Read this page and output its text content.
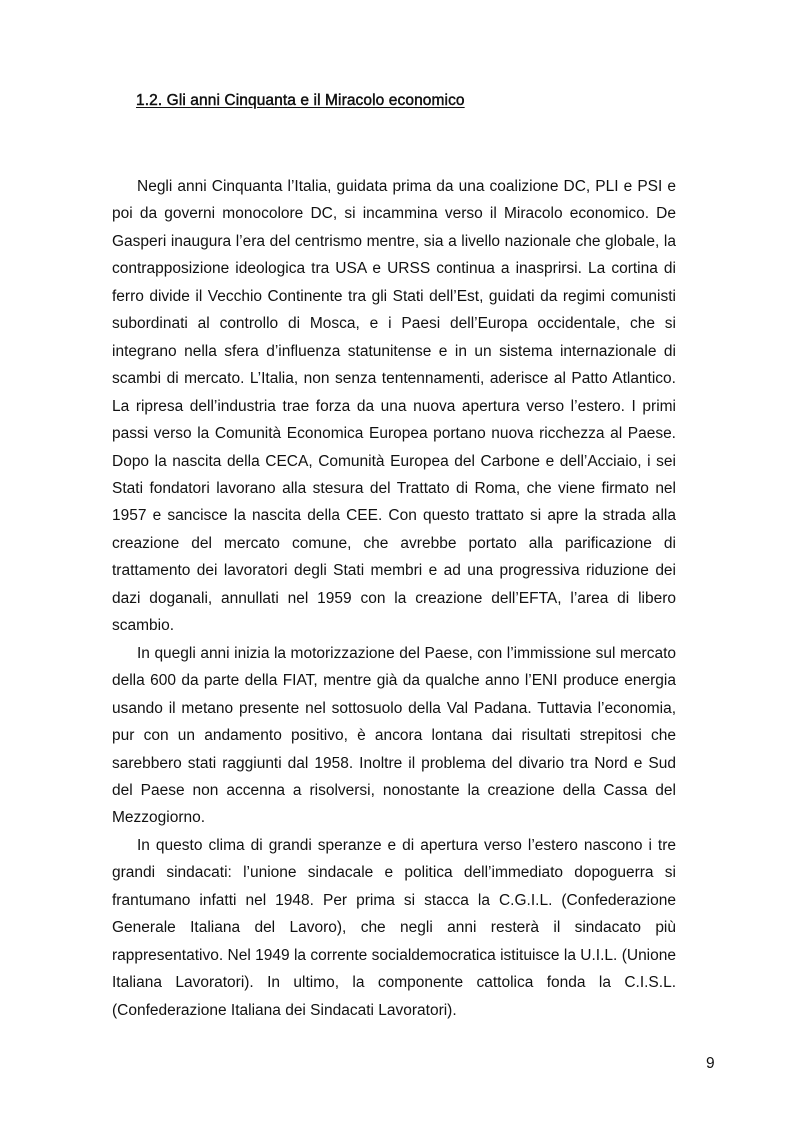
1.2. Gli anni Cinquanta e il Miracolo economico

Negli anni Cinquanta l’Italia, guidata prima da una coalizione DC, PLI e PSI e poi da governi monocolore DC, si incammina verso il Miracolo economico. De Gasperi inaugura l’era del centrismo mentre, sia a livello nazionale che globale, la contrapposizione ideologica tra USA e URSS continua a inasprirsi. La cortina di ferro divide il Vecchio Continente tra gli Stati dell’Est, guidati da regimi comunisti subordinati al controllo di Mosca, e i Paesi dell’Europa occidentale, che si integrano nella sfera d’influenza statunitense e in un sistema internazionale di scambi di mercato. L’Italia, non senza tentennamenti, aderisce al Patto Atlantico. La ripresa dell’industria trae forza da una nuova apertura verso l’estero. I primi passi verso la Comunità Economica Europea portano nuova ricchezza al Paese. Dopo la nascita della CECA, Comunità Europea del Carbone e dell’Acciaio, i sei Stati fondatori lavorano alla stesura del Trattato di Roma, che viene firmato nel 1957 e sancisce la nascita della CEE. Con questo trattato si apre la strada alla creazione del mercato comune, che avrebbe portato alla parificazione di trattamento dei lavoratori degli Stati membri e ad una progressiva riduzione dei dazi doganali, annullati nel 1959 con la creazione dell’EFTA, l’area di libero scambio.

In quegli anni inizia la motorizzazione del Paese, con l’immissione sul mercato della 600 da parte della FIAT, mentre già da qualche anno l’ENI produce energia usando il metano presente nel sottosuolo della Val Padana. Tuttavia l’economia, pur con un andamento positivo, è ancora lontana dai risultati strepitosi che sarebbero stati raggiunti dal 1958. Inoltre il problema del divario tra Nord e Sud del Paese non accenna a risolversi, nonostante la creazione della Cassa del Mezzogiorno.

In questo clima di grandi speranze e di apertura verso l’estero nascono i tre grandi sindacati: l’unione sindacale e politica dell’immediato dopoguerra si frantumano infatti nel 1948. Per prima si stacca la C.G.I.L. (Confederazione Generale Italiana del Lavoro), che negli anni resterà il sindacato più rappresentativo. Nel 1949 la corrente socialdemocratica istituisce la U.I.L. (Unione Italiana Lavoratori). In ultimo, la componente cattolica fonda la C.I.S.L. (Confederazione Italiana dei Sindacati Lavoratori).

9
